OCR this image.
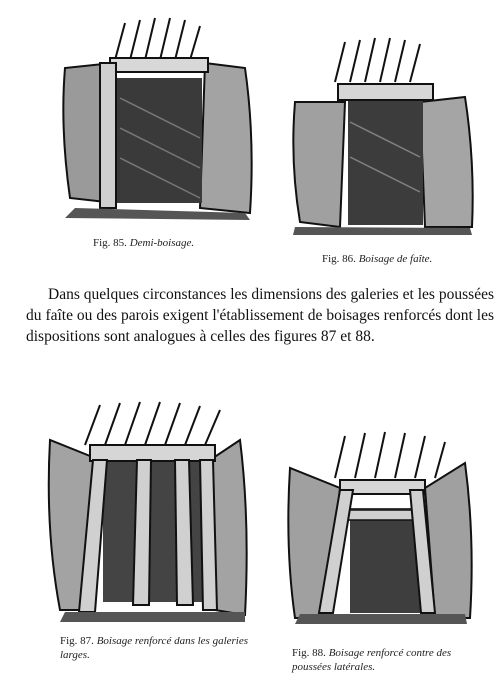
Fig. 85. Demi-boisage.
Fig. 86. Boisage de faîte.

Dans quelques circonstances les dimensions des galeries et les poussées du faîte ou des parois exigent l'établissement de boisages renforcés dont les dispositions sont analogues à celles des figures 87 et 88.

Fig. 87. Boisage renforcé dans les galeries larges.	Fig. 88. Boisage renforcé contre des poussées latérales.
